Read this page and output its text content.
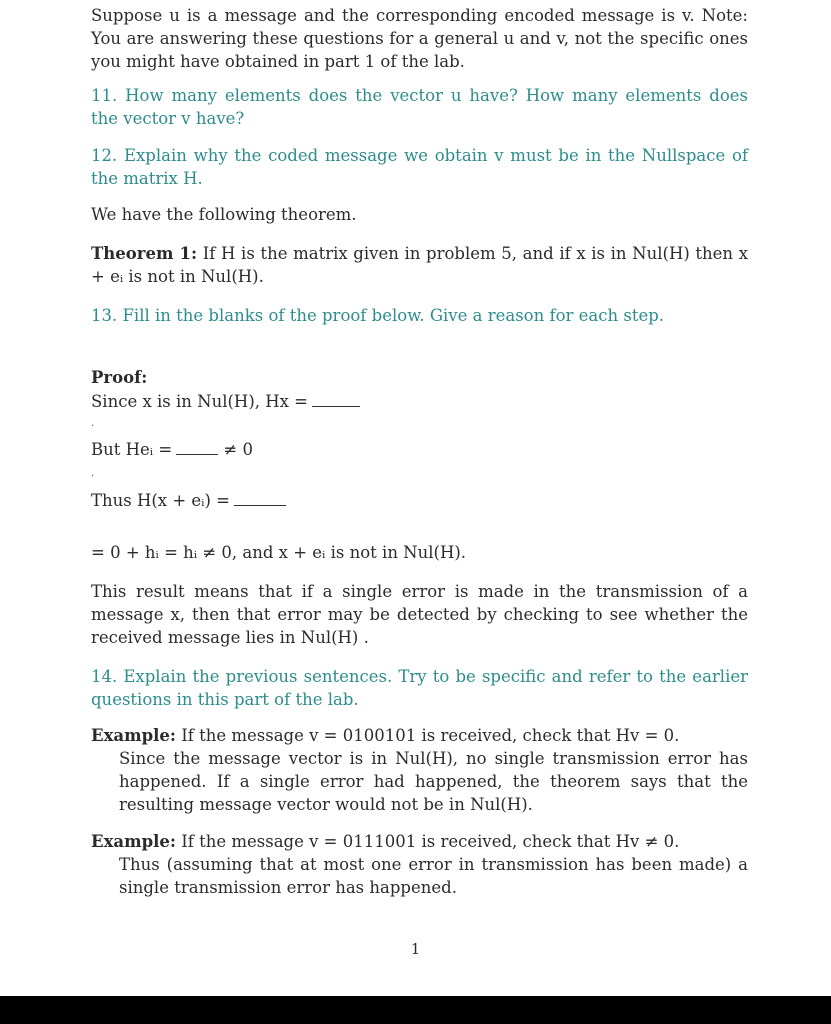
Suppose u is a message and the corresponding encoded message is v. Note: You are answering these questions for a general u and v, not the specific ones you might have obtained in part 1 of the lab.
11. How many elements does the vector u have? How many elements does the vector v have?
12. Explain why the coded message we obtain v must be in the Nullspace of the matrix H.
We have the following theorem.
Theorem 1: If H is the matrix given in problem 5, and if x is in Nul(H) then x + eᵢ is not in Nul(H).
13. Fill in the blanks of the proof below. Give a reason for each step.
Proof:
Since x is in Nul(H), Hx =
.
But Heᵢ =	≠ 0
.
Thus H(x + eᵢ) =
= 0 + hᵢ = hᵢ ≠ 0, and x + eᵢ is not in Nul(H).
This result means that if a single error is made in the transmission of a message x, then that error may be detected by checking to see whether the received message lies in Nul(H) .
14. Explain the previous sentences. Try to be specific and refer to the earlier questions in this part of the lab.
Example: If the message v = 0100101 is received, check that Hv = 0.
Since the message vector is in Nul(H), no single transmission error has happened. If a single error had happened, the theorem says that the resulting message vector would not be in Nul(H).
Example: If the message v = 0111001 is received, check that Hv ≠ 0.
Thus (assuming that at most one error in transmission has been made) a single transmission error has happened.
1
